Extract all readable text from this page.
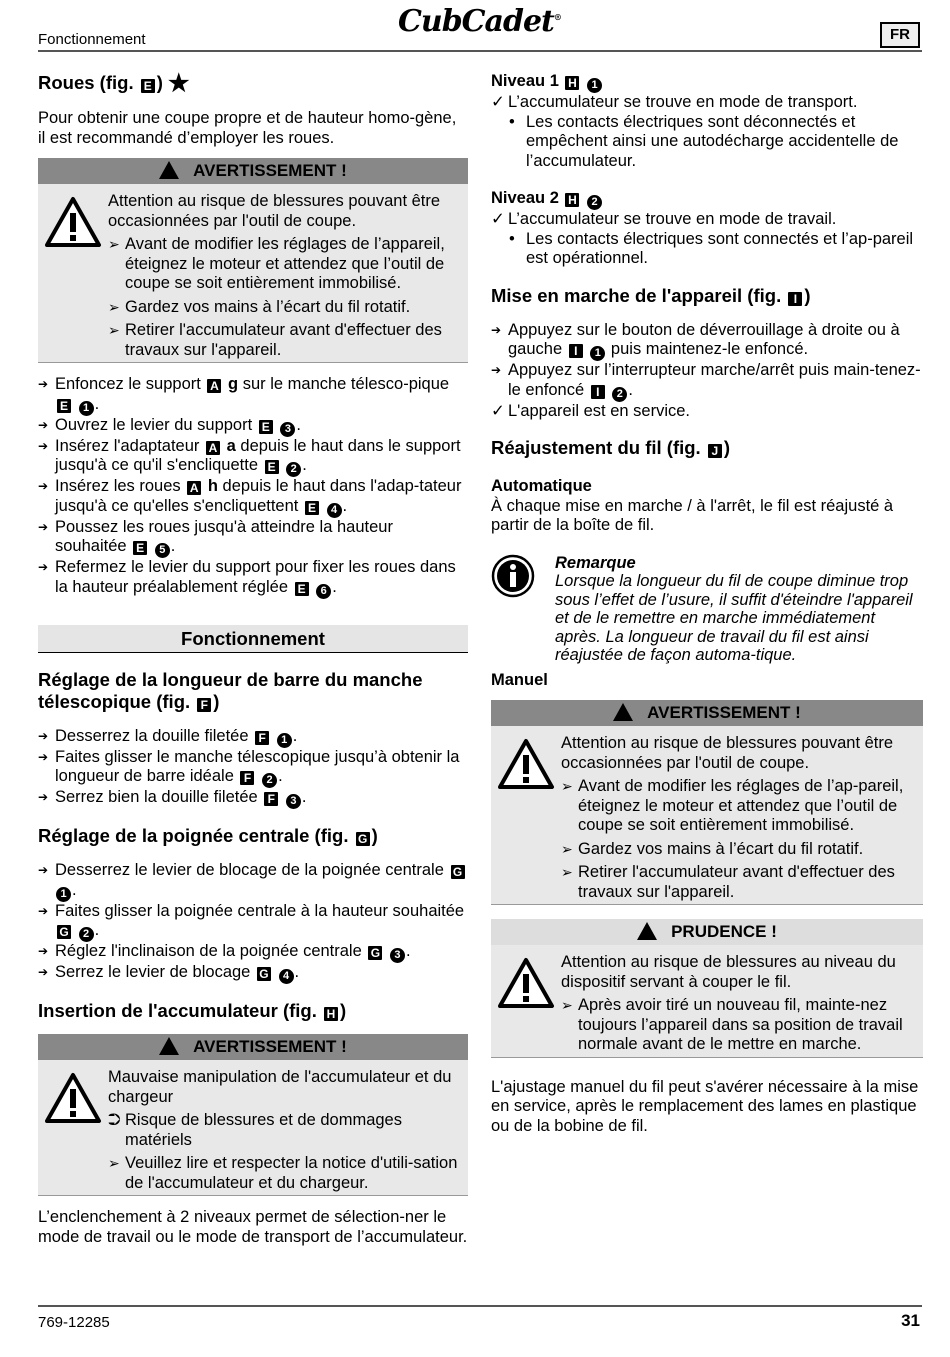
Fonctionnement
CubCadet®
FR
769-12285	31
Roues (fig. E ) ★

Pour obtenir une coupe propre et de hauteur homo-gène, il est recommandé d’employer les roues.

AVERTISSEMENT !

Attention au risque de blessures pouvant être occasionnées par l'outil de coupe.

➢ Avant de modifier les réglages de l’appareil, éteignez le moteur et attendez que l’outil de coupe se soit entièrement immobilisé.
➢ Gardez vos mains à l’écart du fil rotatif.
➢ Retirer l'accumulateur avant d'effectuer des travaux sur l'appareil.
➔ Enfoncez le support A g sur le manche télesco-pique E 1 .
➔ Ouvrez le levier du support E 3 .
➔ Insérez l'adaptateur A a depuis le haut dans le support jusqu'à ce qu'il s'encliquette E 2 .
➔ Insérez les roues A h depuis le haut dans l'adap-tateur jusqu'à ce qu'elles s'encliquettent E 4 .
➔ Poussez les roues jusqu'à atteindre la hauteur souhaitée E 5 .
➔ Refermez le levier du support pour fixer les roues dans la hauteur préalablement réglée E 6 .
Fonctionnement
Réglage de la longueur de barre du manche télescopique (fig. F )
➔ Desserrez la douille filetée F 1 .
➔ Faites glisser le manche télescopique jusqu’à obtenir la longueur de barre idéale F 2 .
➔ Serrez bien la douille filetée F 3 .
Réglage de la poignée centrale (fig. G )
➔ Desserrez le levier de blocage de la poignée centrale G 1 .
➔ Faites glisser la poignée centrale à la hauteur souhaitée G 2 .
➔ Réglez l'inclinaison de la poignée centrale G 3 .
➔ Serrez le levier de blocage G 4 .
Insertion de l'accumulateur (fig. H )
AVERTISSEMENT !

Mauvaise manipulation de l'accumulateur et du chargeur

⮊ Risque de blessures et de dommages matériels
➢ Veuillez lire et respecter la notice d'utili-sation de l'accumulateur et du chargeur.

L’enclenchement à 2 niveaux permet de sélection-ner le mode de travail ou le mode de transport de l’accumulateur.

Niveau 1 H 1
✓ L’accumulateur se trouve en mode de transport.
• Les contacts électriques sont déconnectés et empêchent ainsi une autodécharge accidentelle de l’accumulateur.
Niveau 2 H 2
✓ L’accumulateur se trouve en mode de travail.
• Les contacts électriques sont connectés et l’ap-pareil est opérationnel.
Mise en marche de l'appareil (fig. I )
➔ Appuyez sur le bouton de déverrouillage à droite ou à gauche I 1 puis maintenez-le enfoncé.
➔ Appuyez sur l’interrupteur marche/arrêt puis main-tenez-le enfoncé I 2 .
✓ L'appareil est en service.
Réajustement du fil (fig. J )
Automatique

À chaque mise en marche / à l'arrêt, le fil est réajusté à partir de la boîte de fil.

Remarque
Lorsque la longueur du fil de coupe diminue trop sous l’effet de l’usure, il suffit d'éteindre l'appareil et de le remettre en marche immédiatement après. La longueur de travail du fil est ainsi réajustée de façon automa-tique.
Manuel
AVERTISSEMENT !

Attention au risque de blessures pouvant être occasionnées par l'outil de coupe.

➢ Avant de modifier les réglages de l’ap-pareil, éteignez le moteur et attendez que l’outil de coupe se soit entièrement immobilisé.
➢ Gardez vos mains à l’écart du fil rotatif.
➢ Retirer l'accumulateur avant d'effectuer des travaux sur l'appareil.
PRUDENCE !

Attention au risque de blessures au niveau du dispositif servant à couper le fil.

➢ Après avoir tiré un nouveau fil, mainte-nez toujours l’appareil dans sa position de travail normale avant de le mettre en marche.

L'ajustage manuel du fil peut s'avérer nécessaire à la mise en service, après le remplacement des lames en plastique ou de la bobine de fil.
